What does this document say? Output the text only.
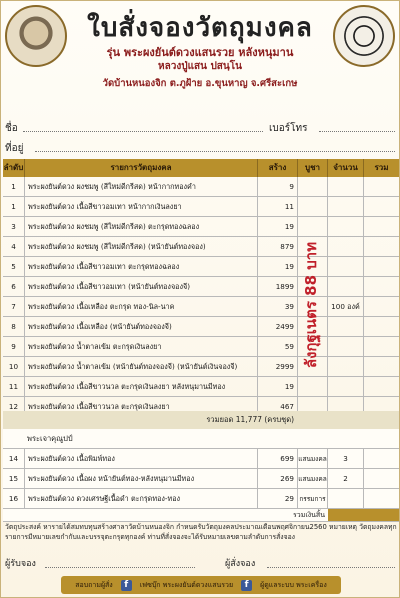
ใบสั่งจองวัตถุมงคล
รุ่น พระผงยันต์ดวงแสนรวย หลังหนุมาน
หลวงปู่แสน ปสนฺโน
วัดบ้านหนองจิก ต.ภูฝ้าย อ.ขุนหาญ จ.ศรีสะเกษ
ชื่อ	เบอร์โทร
ที่อยู่
ลำดับ	รายการวัตถุมงคล	สร้าง	บูชา	จำนวน	รวม
1	พระผงยันต์ดวง ผงชมพู (สีใหม่ดีกรีสด) หน้ากากทองคำ	9
1	พระผงยันต์ดวง เนื้อสีขาวอมเทา หน้ากากเงินลงยา	11
3	พระผงยันต์ดวง ผงชมพู (สีใหม่ดีกรีสด) ตะกรุดทองฉลอง	19
4	พระผงยันต์ดวง ผงชมพู (สีใหม่ดีกรีสด) (หน้ายันต์ทองจอง)	879
5	พระผงยันต์ดวง เนื้อสีขาวอมเทา ตะกรุดทองฉลอง	19
6	พระผงยันต์ดวง เนื้อสีขาวอมเทา (หน้ายันต์ทองจองจี)	1899
7	พระผงยันต์ดวง เนื้อเหลือง ตะกรุด ทอง-นิล-นาค	39	100 องค์
8	พระผงยันต์ดวง เนื้อเหลือง (หน้ายันต์ทองจองจี)	2499
9	พระผงยันต์ดวง น้ำตาลเข้ม ตะกรุดเงินลงยา	59
10	พระผงยันต์ดวง น้ำตาลเข้ม (หน้ายันต์ทองจองจี) (หน้ายันต์เงินจองจี)	2999
11	พระผงยันต์ดวง เนื้อสีขาวนวล ตะกรุดเงินลงยา หลังหนุมานมีทอง	19
12	พระผงยันต์ดวง เนื้อสีขาวนวล ตะกรุดเงินลงยา	467
ลังกุฐเนตร 88 บาท
รวมยอด 11,777 (ครบชุด)
พระเจาคุณูปป์
14	พระผงยันต์ดวง เนื้อพิมพ์ทอง	699 แสนมงคล	3
15	พระผงยันต์ดวง เนื้อผง หน้ายันต์ทอง-หลังหนุมานมีทอง	269 แสนมงคล	2
16	พระผงยันต์ดวง ดวงเศรษฐีเนื้อดำ ตะกรุดทอง-ทอง	29 กรรมการ
รวมเงินสิ้น
วัตถุประสงค์ หารายได้สมทบทุนสร้างศาลาวัดบ้านหนองจิก กำหนดรับวัตถุมงคลประมาณเดือนพฤศจิกายน2560 หมายเหตุ วัตถุมงคลทุกรายการมีหมายเลขกำกับและบรรจุตะกรุดทุกองค์ ท่านที่สั่งจองจะได้รับหมายเลขตามลำดับการสั่งจอง
ผู้รับจอง	ผู้สั่งจอง
สอบถามผู้สั่ง	f	เฟซบุ๊ก พระผงยันต์ดวงแสนรวย	f	ผู้ดูแลระบบ พระเครื่อง
